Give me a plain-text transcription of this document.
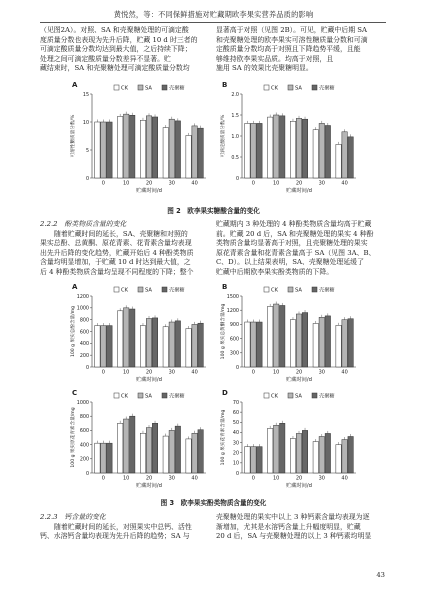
黄悦然，等：不同保鲜措施对贮藏期欧李果实营养品质的影响

（见图2A）。对照、SA 和壳聚糖处理的可滴定酸

度质量分数也表现为先升后降，贮藏 10 d 时三者的

可滴定酸质量分数均达到最大值，之后持续下降；

处理之间可滴定酸质量分数差异不显著。贮

藏结束时，SA 和壳聚糖处理可滴定酸质量分数均

显著高于对照（见图 2B）。可见，贮藏中后期 SA

和壳聚糖处理的欧李果实可溶性糖质量分数和可滴

定酸质量分数均高于对照且下降趋势平缓，且能

够维持欧李果实品质。均高于对照，且

施用 SA 的效果比壳聚糖明显。

A	CK	SA	壳聚糖
0
5
10
15
可溶性糖质量分数/%
0	10	20	30	40
贮藏时间/d
B	CK	SA	壳聚糖
0
0.5
1.0
1.5
2.0
可滴定酸质量分数/%
0	10	20	30	40
贮藏时间/d
图 2　欧李果实糖酸含量的变化

2.2.2　酚类物质含量的变化

随着贮藏时间的延长，SA、壳聚糖和对照的

果实总酚、总黄酮、原花青素、花青素含量均表现

出先升后降的变化趋势，贮藏开始后 4 种酚类物质

含量均明显增加，于贮藏 10 d 时达到最大值，之

后 4 种酚类物质含量均呈现不同程度的下降；整个

贮藏期内 3 种处理的 4 种酚类物质含量均高于贮藏

前。贮藏 20 d 后，SA 和壳聚糖处理的果实 4 种酚

类物质含量均显著高于对照，且壳聚糖处理的果实

原花青素含量和花青素含量高于 SA（见图 3A、B、

C、D）。以上结果表明，SA、壳聚糖处理延缓了

贮藏中后期欧李果实酚类物质的下降。

A	CK	SA	壳聚糖
0
200
400
600
800
1000
1200
100 g 果实总酚含量/mg
0	10	20	30	40
贮藏时间/d
B	CK	SA	壳聚糖
0
300
600
900
1200
1500
100 g 果实总黄酮含量/mg
0	10	20	30	40
贮藏时间/d
C	CK	SA	壳聚糖
0
200
400
600
800
1000
100 g 果实原花青素含量/mg
0	10	20	30	40
贮藏时间/d
D	CK	SA	壳聚糖
0
10
20
30
40
50
60
70
100 g 果实花青素含量/mg
0	10	20	30	40
贮藏时间/d
图 3　欧李果实酚类物质含量的变化

2.2.3　钙含量的变化

随着贮藏时间的延长，对照果实中总钙、活性

钙、水溶钙含量均表现为先升后降的趋势；SA 与

壳聚糖处理的果实中以上 3 种钙素含量均表现为逐

渐增加，尤其是水溶钙含量上升幅度明显，贮藏

20 d 后，SA 与壳聚糖处理的以上 3 种钙素均明显

43
